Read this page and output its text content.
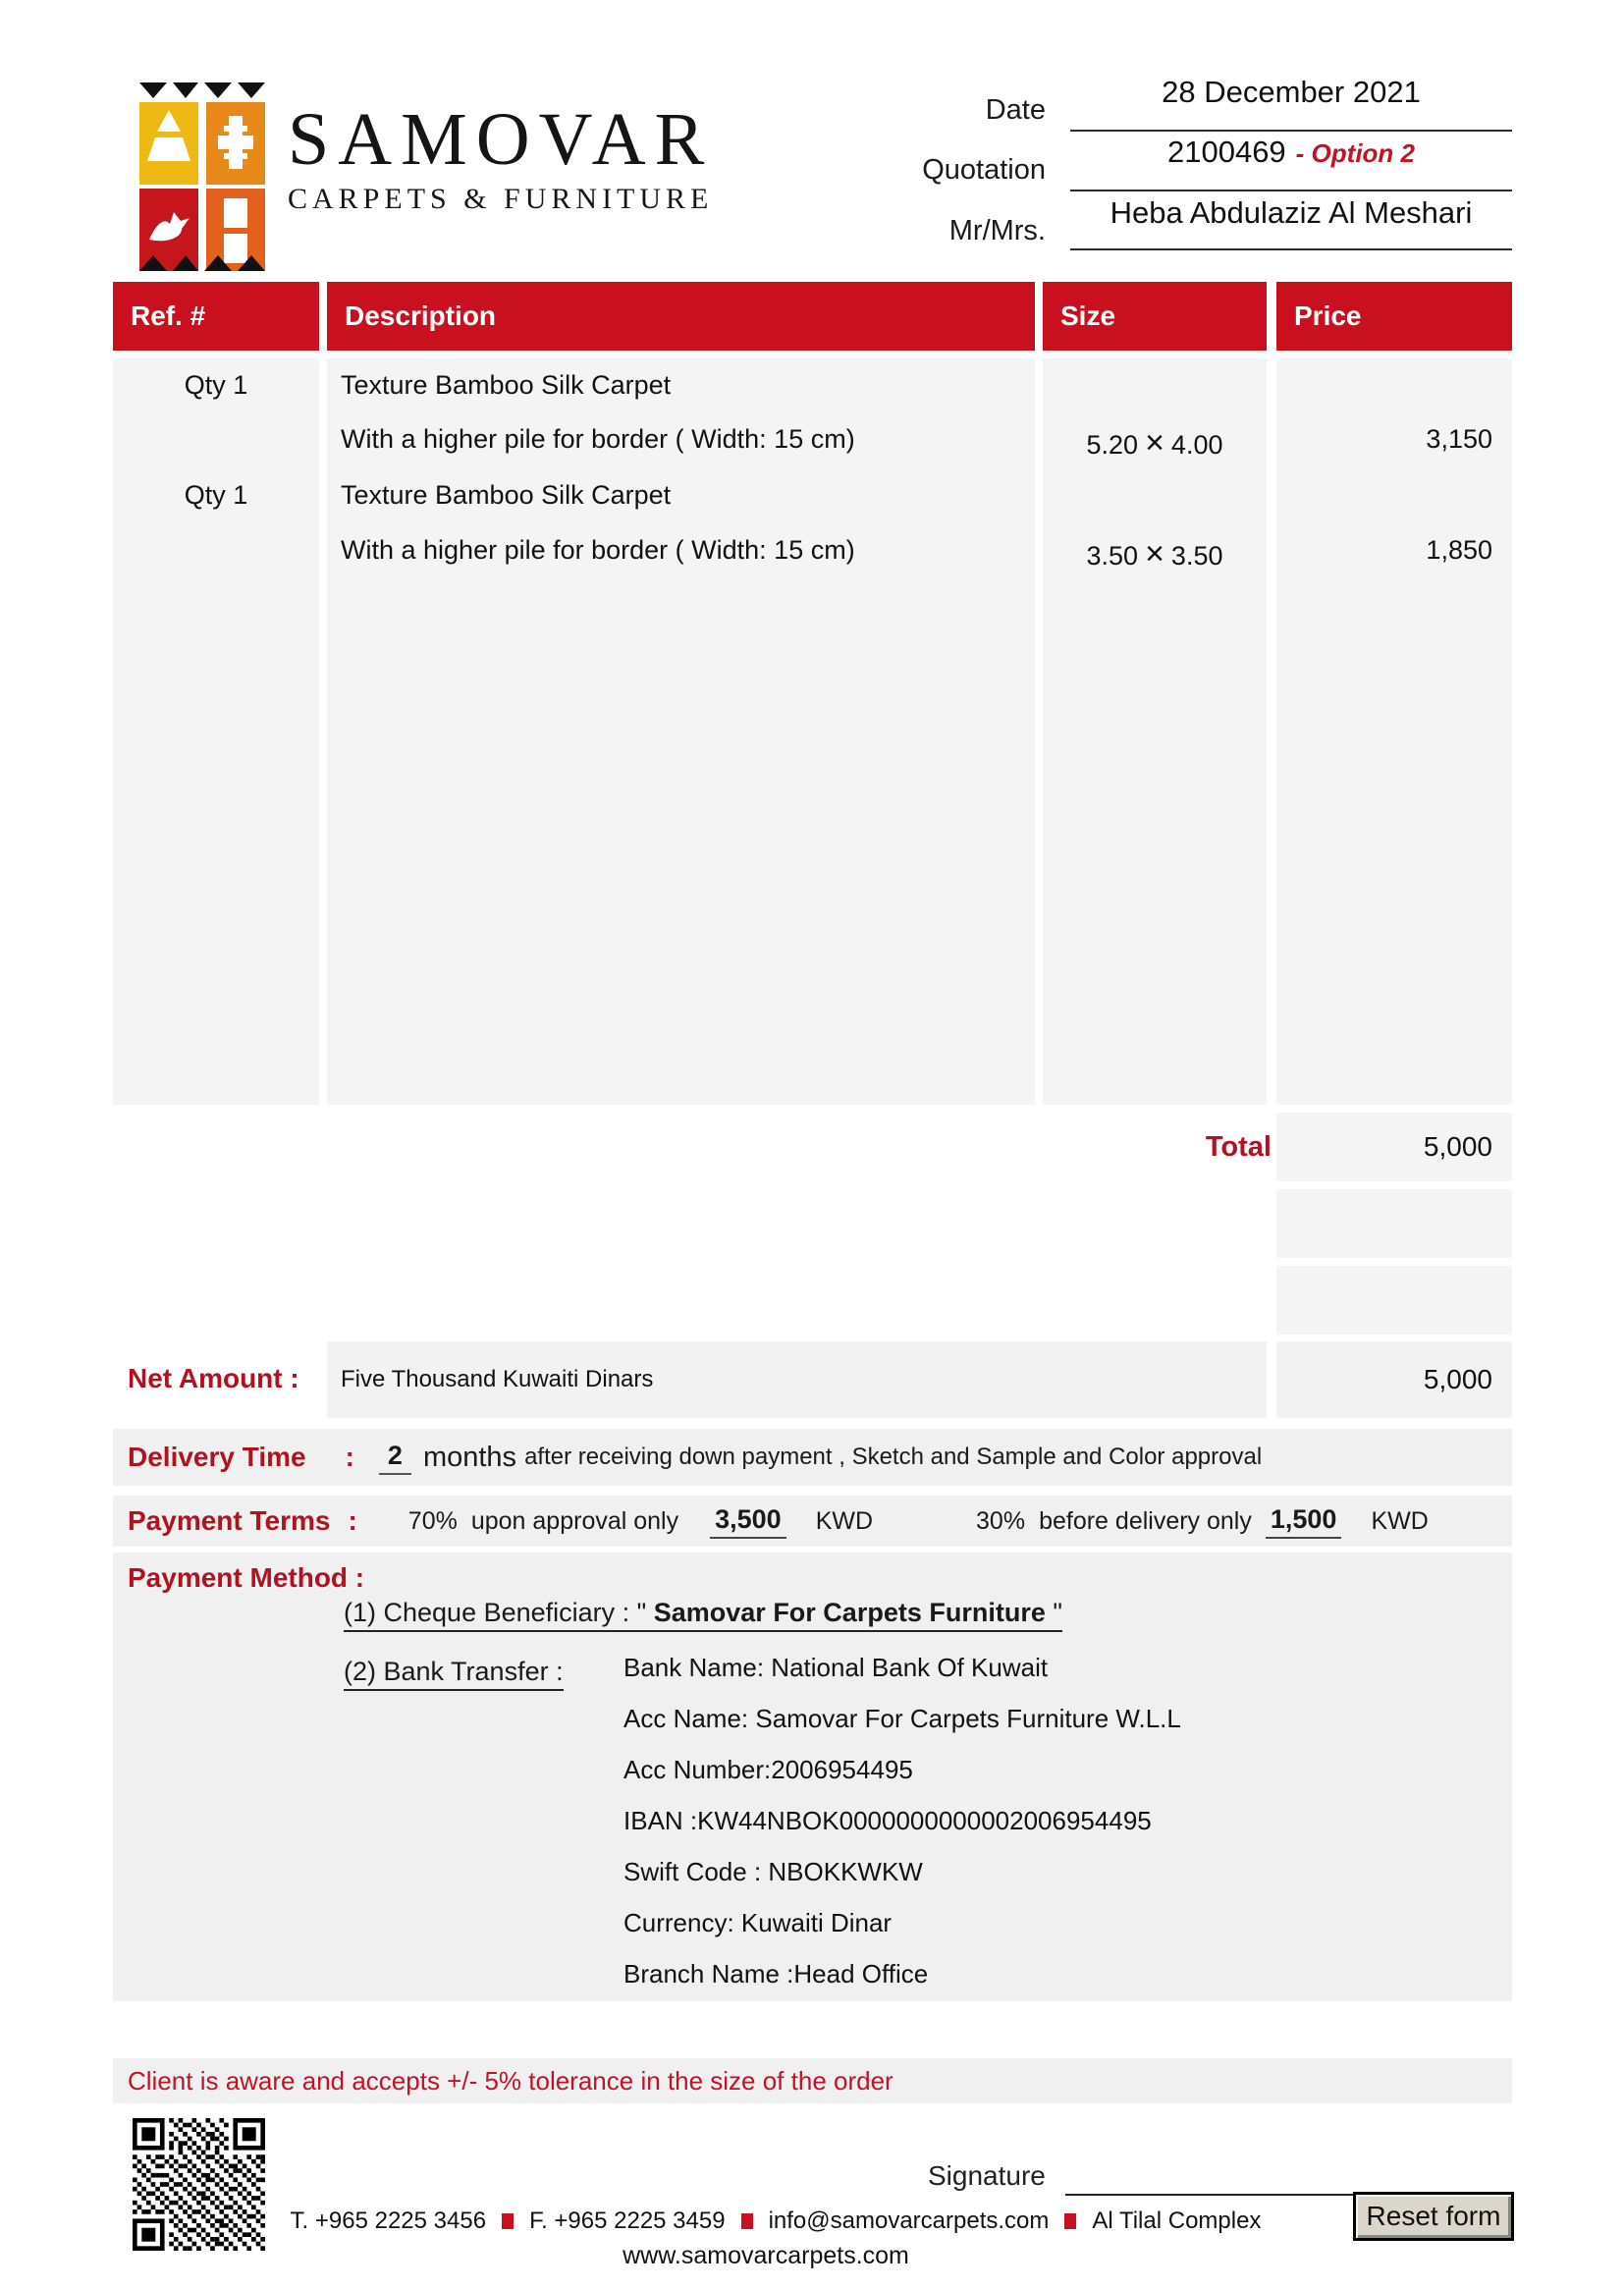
SAMOVAR
CARPETS & FURNITURE
Date
28 December 2021
Quotation
2100469 - Option 2
Mr/Mrs.
Heba Abdulaziz Al Meshari
Ref. #	Description	Size	Price
Qty 1	Texture Bamboo Silk Carpet
With a higher pile for border ( Width: 15 cm)	5.20 × 4.00	3,150
Qty 1	Texture Bamboo Silk Carpet
With a higher pile for border ( Width: 15 cm)	3.50 × 3.50	1,850
Total	5,000
Net Amount :	Five Thousand Kuwaiti Dinars	5,000
Delivery Time :	2 months after receiving down payment , Sketch and Sample and Color approval
Payment Terms : 70% upon approval only 3,500 KWD	30% before delivery only 1,500 KWD
Payment Method :
(1) Cheque Beneficiary : " Samovar For Carpets Furniture "
(2) Bank Transfer : Bank Name: National Bank Of Kuwait
Acc Name: Samovar For Carpets Furniture W.L.L
Acc Number:2006954495
IBAN :KW44NBOK0000000000002006954495
Swift Code : NBOKKWKW
Currency: Kuwaiti Dinar
Branch Name :Head Office
Client is aware and accepts +/- 5% tolerance in the size of the order
Signature
T. +965 2225 3456 F. +965 2225 3459 info@samovarcarpets.com Al Tilal Complex
www.samovarcarpets.com
Reset form
